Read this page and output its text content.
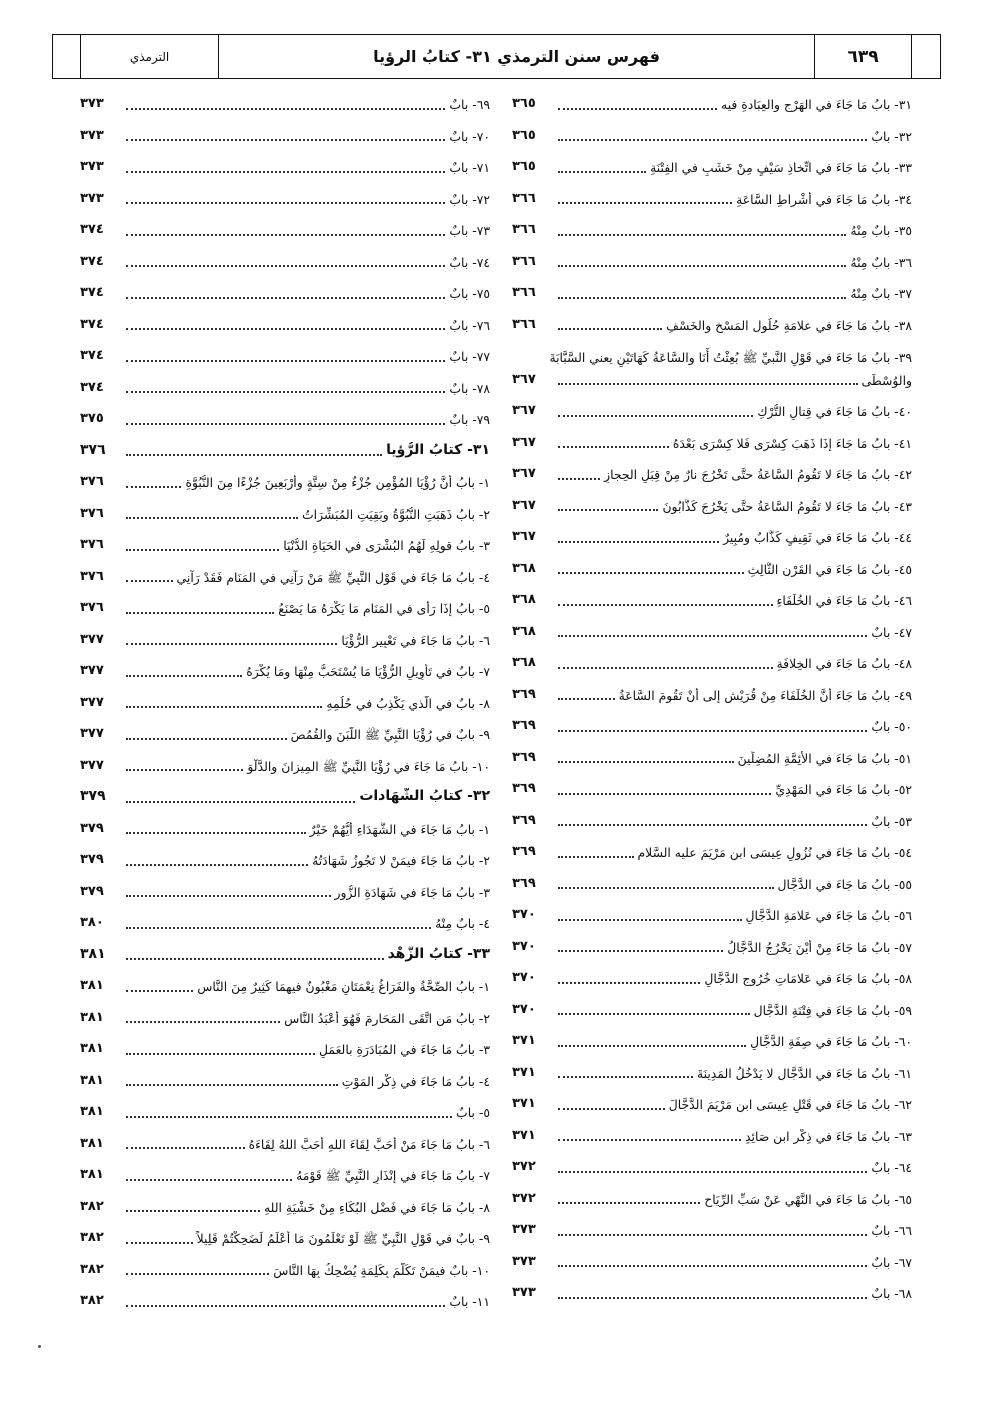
الترمذي	فهرس سنن الترمذي ٣١- كتابُ الرؤيا	٦٣٩
٣١- بابُ مَا جَاءَ في الهَرْجِ والعِبَادةِ فيه
٣٦٥
٣٢- بابٌ
٣٦٥
٣٣- بابُ مَا جَاءَ في اتِّخاذِ سَيْفٍ مِنْ خَشَبٍ في الفِتْنَةِ
٣٦٥
٣٤- بابُ مَا جَاءَ في أَشْراطِ السَّاعَةِ
٣٦٦
٣٥- بابٌ مِنْهُ
٣٦٦
٣٦- بابٌ مِنْهُ
٣٦٦
٣٧- بابٌ مِنْهُ
٣٦٦
٣٨- بابُ مَا جَاءَ في علامَةِ حُلُولِ المَسْخِ والخَسْفِ
٣٦٦
٣٩- بابُ مَا جَاءَ في قَوْلِ النَّبيِّ ﷺ بُعِثْتُ أَنَا والسَّاعَةُ كَهَاتَيْنِ يعني السَّبَّابَةَ
والوُسْطَى
٣٦٧
٤٠- بابُ مَا جَاءَ في قِتالِ التُّرْكِ
٣٦٧
٤١- بابُ مَا جَاءَ إِذَا ذَهَبَ كِسْرَى فَلا كِسْرَى بَعْدَهُ
٣٦٧
٤٢- بابُ مَا جَاءَ لا تَقُومُ السَّاعَةُ حتَّى تَخْرُجَ نارٌ مِنْ قِبَلِ الحِجازِ
٣٦٧
٤٣- بابُ مَا جَاءَ لا تَقُومُ السَّاعَةُ حتَّى يَخْرُجَ كَذَّابُونَ
٣٦٧
٤٤- بابُ مَا جَاءَ في ثَقِيفٍ كَذَّابٌ ومُبِيرٌ
٣٦٧
٤٥- بابُ مَا جَاءَ في القَرْنِ الثَّالِثِ
٣٦٨
٤٦- بابُ مَا جَاءَ في الخُلَفَاءِ
٣٦٨
٤٧- بابٌ
٣٦٨
٤٨- بابُ مَا جَاءَ في الخِلافَةِ
٣٦٨
٤٩- بابُ مَا جَاءَ أَنَّ الخُلَفَاءَ مِنْ قُرَيْشٍ إلى أَنْ تَقُومَ السَّاعَةُ
٣٦٩
٥٠- بابٌ
٣٦٩
٥١- بابُ مَا جَاءَ في الأَئِمَّةِ المُضِلِّينَ
٣٦٩
٥٢- بابُ مَا جَاءَ في المَهْدِيِّ
٣٦٩
٥٣- بابٌ
٣٦٩
٥٤- بابُ مَا جَاءَ في نُزُولِ عِيسَى ابنِ مَرْيَمَ عليه السَّلام
٣٦٩
٥٥- بابُ مَا جَاءَ في الدَّجَّالِ
٣٦٩
٥٦- بابُ مَا جَاءَ في عَلامَةِ الدَّجَّالِ
٣٧٠
٥٧- بابُ مَا جَاءَ مِنْ أَيْنَ يَخْرُجُ الدَّجَّالُ
٣٧٠
٥٨- بابُ مَا جَاءَ في عَلامَاتِ خُرُوجِ الدَّجَّالِ
٣٧٠
٥٩- بابُ مَا جَاءَ في فِتْنَةِ الدَّجَّالِ
٣٧٠
٦٠- بابُ مَا جَاءَ في صِفَةِ الدَّجَّالِ
٣٧١
٦١- بابُ مَا جَاءَ في الدَّجَّالِ لا يَدْخُلُ المَدِينَةَ
٣٧١
٦٢- بابُ مَا جَاءَ في قَتْلِ عِيسَى ابنِ مَرْيَمَ الدَّجَّالَ
٣٧١
٦٣- بابُ مَا جَاءَ في ذِكْرِ ابنِ صَائِدٍ
٣٧١
٦٤- بابٌ
٣٧٢
٦٥- بابُ مَا جَاءَ في النَّهْيِ عَنْ سَبِّ الرِّيَاحِ
٣٧٢
٦٦- بابٌ
٣٧٣
٦٧- بابٌ
٣٧٣
٦٨- بابٌ
٣٧٣
٦٩- بابٌ
٣٧٣
٧٠- بابٌ
٣٧٣
٧١- بابٌ
٣٧٣
٧٢- بابٌ
٣٧٣
٧٣- بابٌ
٣٧٤
٧٤- بابٌ
٣٧٤
٧٥- بابٌ
٣٧٤
٧٦- بابٌ
٣٧٤
٧٧- بابٌ
٣٧٤
٧٨- بابٌ
٣٧٤
٧٩- بابٌ
٣٧٥
٣١- كتابُ الرُّؤيا
٣٧٦
١- بابُ أَنَّ رُؤْيَا المُؤْمِنِ جُزْءٌ مِنْ سِتَّةٍ وأَرْبَعِينَ جُزْءًا مِنَ النُّبُوَّةِ
٣٧٦
٢- بابُ ذَهَبَتِ النُّبُوَّةُ وبَقِيَتِ المُبَشِّرَاتُ
٣٧٦
٣- بابُ قولِهِ لَهُمُ البُشْرَى في الحَيَاةِ الدُّنْيَا
٣٧٦
٤- بابُ مَا جَاءَ في قَوْلِ النَّبِيِّ ﷺ مَنْ رَآنِي في المَنَامِ فَقَدْ رَآنِي
٣٧٦
٥- بابُ إِذَا رَأَى في المَنَامِ مَا يَكْرَهُ مَا يَصْنَعُ
٣٧٦
٦- بابُ مَا جَاءَ في تَعْبِيرِ الرُّؤْيَا
٣٧٧
٧- بابٌ في تَأْوِيلِ الرُّؤْيَا مَا يُسْتَحَبُّ مِنْهَا ومَا يُكْرَهُ
٣٧٧
٨- بابٌ في الَّذي يَكْذِبُ في حُلُمِهِ
٣٧٧
٩- بابٌ في رُؤْيَا النَّبِيِّ ﷺ اللَّبَنَ والقُمُصَ
٣٧٧
١٠- بابُ مَا جَاءَ في رُؤْيَا النَّبِيِّ ﷺ المِيزانَ والدَّلْوَ
٣٧٧
٣٢- كتابُ الشَّهَادات
٣٧٩
١- بابُ مَا جَاءَ في الشُّهَدَاءِ أَيُّهُمْ خَيْرٌ
٣٧٩
٢- بابُ مَا جَاءَ فيمَنْ لا تَجُوزُ شَهَادَتُهُ
٣٧٩
٣- بابُ مَا جَاءَ في شَهَادَةِ الزُّورِ
٣٧٩
٤- بابٌ مِنْهُ
٣٨٠
٣٣- كتابُ الزُّهْد
٣٨١
١- بابُ الصِّحَّةُ والفَرَاغُ نِعْمَتَانِ مَغْبُونٌ فيهمَا كَثِيرٌ مِنَ النَّاسِ
٣٨١
٢- بابُ مَنِ اتَّقَى المَحَارِمَ فَهُوَ أَعْبَدُ النَّاسِ
٣٨١
٣- بابُ مَا جَاءَ في المُبَادَرَةِ بالعَمَلِ
٣٨١
٤- بابُ مَا جَاءَ في ذِكْرِ المَوْتِ
٣٨١
٥- بابٌ
٣٨١
٦- بابُ مَا جَاءَ مَنْ أَحَبَّ لِقَاءَ اللهِ أَحَبَّ اللهُ لِقَاءَهُ
٣٨١
٧- بابُ مَا جَاءَ في إِنْذَارِ النَّبِيِّ ﷺ قَوْمَهُ
٣٨١
٨- بابُ مَا جَاءَ في فَضْلِ البُكَاءِ مِنْ خَشْيَةِ اللهِ
٣٨٢
٩- بابٌ في قَوْلِ النَّبِيِّ ﷺ لَوْ تَعْلَمُونَ مَا أَعْلَمُ لَضَحِكْتُمْ قَلِيلاً
٣٨٢
١٠- بابٌ فيمَنْ تَكَلَّمَ بِكَلِمَةٍ يُضْحِكُ بِهَا النَّاسَ
٣٨٢
١١- بابٌ
٣٨٢
